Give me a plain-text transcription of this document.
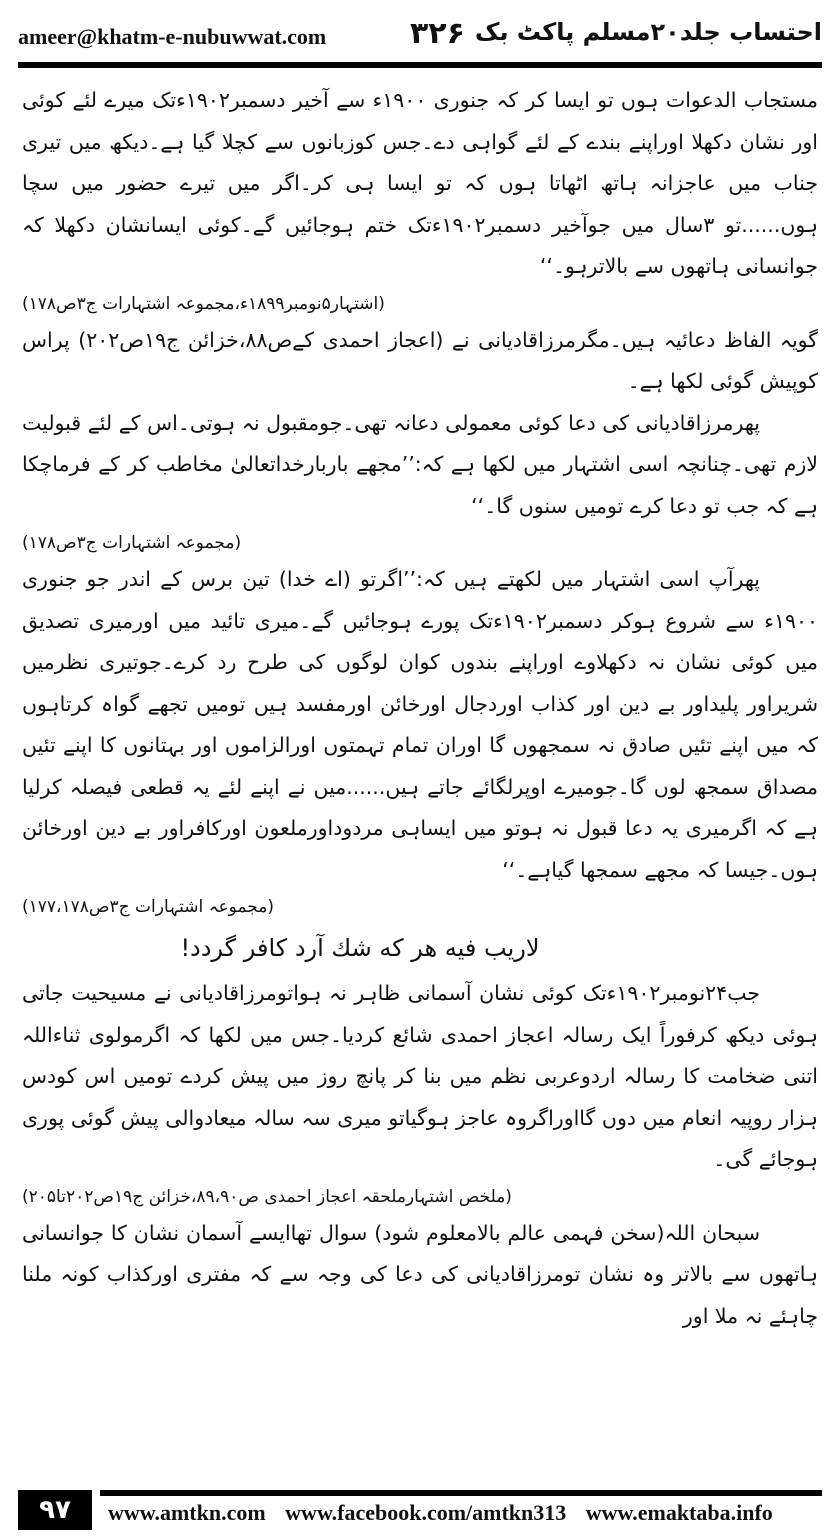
ameer@khatm-e-nubuwwat.com	۳۲۶ احتساب جلد۲۰مسلم پاکٹ بک

مستجاب الدعوات ہوں تو ایسا کر کہ جنوری ۱۹۰۰ء سے آخیر دسمبر۱۹۰۲ءتک میرے لئے کوئی اور نشان دکھلا اوراپنے بندے کے لئے گواہی دے۔جس کوزبانوں سے کچلا گیا ہے۔دیکھ میں تیری جناب میں عاجزانہ ہاتھ اٹھاتا ہوں کہ تو ایسا ہی کر۔اگر میں تیرے حضور میں سچا ہوں......تو ۳سال میں جوآخیر دسمبر۱۹۰۲ءتک ختم ہوجائیں گے۔کوئی ایسانشان دکھلا کہ جوانسانی ہاتھوں سے بالاترہو۔‘‘

(اشتہار۵نومبر۱۸۹۹ء،مجموعہ اشتہارات ج۳ص۱۷۸)

گویہ الفاظ دعائیہ ہیں۔مگرمرزاقادیانی نے (اعجاز احمدی کےص۸۸،خزائن ج۱۹ص۲۰۲) پراس کوپیش گوئی لکھا ہے۔

پھرمرزاقادیانی کی دعا کوئی معمولی دعانہ تھی۔جومقبول نہ ہوتی۔اس کے لئے قبولیت لازم تھی۔چنانچہ اسی اشتہار میں لکھا ہے کہ:’’مجھے باربارخداتعالیٰ مخاطب کر کے فرماچکا ہے کہ جب تو دعا کرے تومیں سنوں گا۔‘‘

(مجموعہ اشتہارات ج۳ص۱۷۸)

پھرآپ اسی اشتہار میں لکھتے ہیں کہ:’’اگرتو (اے خدا) تین برس کے اندر جو جنوری ۱۹۰۰ء سے شروع ہوکر دسمبر۱۹۰۲ءتک پورے ہوجائیں گے۔میری تائید میں اورمیری تصدیق میں کوئی نشان نہ دکھلاوے اوراپنے بندوں کوان لوگوں کی طرح رد کرے۔جوتیری نظرمیں شریراور پلیداور بے دین اور کذاب اوردجال اورخائن اورمفسد ہیں تومیں تجھے گواہ کرتاہوں کہ میں اپنے تئیں صادق نہ سمجھوں گا اوران تمام تہمتوں اورالزاموں اور بہتانوں کا اپنے تئیں مصداق سمجھ لوں گا۔جومیرے اوپرلگائے جاتے ہیں......میں نے اپنے لئے یہ قطعی فیصلہ کرلیا ہے کہ اگرمیری یہ دعا قبول نہ ہوتو میں ایساہی مردوداورملعون اورکافراور بے دین اورخائن ہوں۔جیسا کہ مجھے سمجھا گیاہے۔‘‘

(مجموعہ اشتہارات ج۳ص۱۷۷،۱۷۸)

لاریب فیه هر که شك آرد کافر گردد!

جب۲۴نومبر۱۹۰۲ءتک کوئی نشان آسمانی ظاہر نہ ہواتومرزاقادیانی نے مسیحیت جاتی ہوئی دیکھ کرفوراً ایک رسالہ اعجاز احمدی شائع کردیا۔جس میں لکھا کہ اگرمولوی ثناءاللہ اتنی ضخامت کا رسالہ اردوعربی نظم میں بنا کر پانچ روز میں پیش کردے تومیں اس کودس ہزار روپیہ انعام میں دوں گااوراگروہ عاجز ہوگیاتو میری سہ سالہ میعادوالی پیش گوئی پوری ہوجائے گی۔

(ملخص اشتہارملحقہ اعجاز احمدی ص۸۹،۹۰،خزائن ج۱۹ص۲۰۲تا۲۰۵)

سبحان اللہ(سخن فہمی عالم بالامعلوم شود) سوال تھاایسے آسمان نشان کا جوانسانی ہاتھوں سے بالاتر وہ نشان تومرزاقادیانی کی دعا کی وجہ سے کہ مفتری اورکذاب کونہ ملنا چاہئے نہ ملا اور

۹۷	www.amtkn.com www.facebook.com/amtkn313 www.emaktaba.info
